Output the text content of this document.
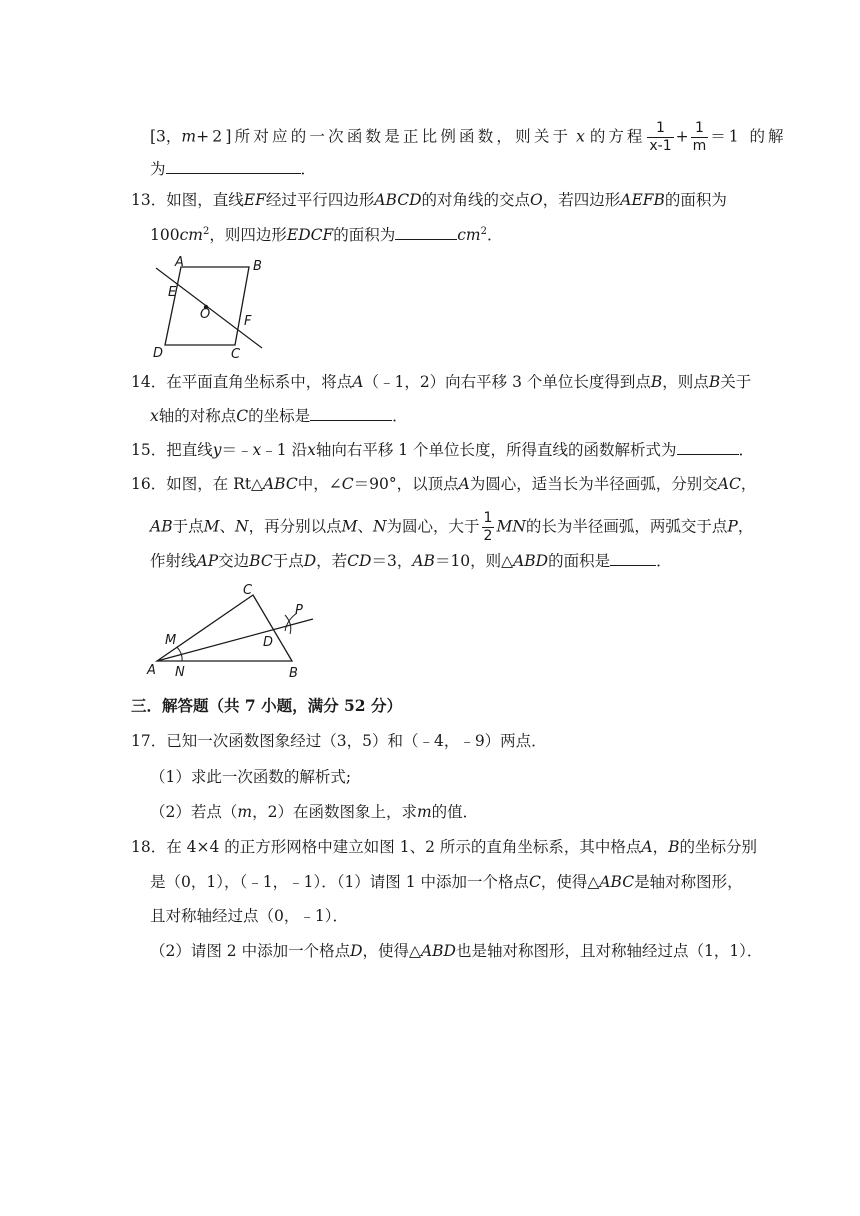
[3，m+2]所对应的一次函数是正比例函数，则关于 x 的方程 $\frac{1}{x-1} + \frac{1}{m} =1$ 的解
为	．
13．如图，直线EF经过平行四边形ABCD的对角线的交点O，若四边形AEFB的面积为
$100cm^2$，则四边形EDCF的面积为	$cm^2$．
A	B
E
O	F
D	C
14．在平面直角坐标系中，将点A（﹣1，2）向右平移 3 个单位长度得到点B，则点B关于
x轴的对称点C的坐标是	．
15．把直线y＝﹣x﹣1 沿x轴向右平移 1 个单位长度，所得直线的函数解析式为	．
16．如图，在 Rt△ABC中，∠C＝90°，以顶点A为圆心，适当长为半径画弧，分别交AC，
AB于点M、N，再分别以点M、N为圆心，大于 $\frac{1}{2}$ MN的长为半径画弧，两弧交于点P，
作射线AP交边BC于点D，若CD＝3，AB＝10，则△ABD的面积是	．
C
M	D
P
A N	B
三．解答题（共 7 小题，满分 52 分）
17．已知一次函数图象经过（3，5）和（﹣4，﹣9）两点．
（1）求此一次函数的解析式;
（2）若点（m，2）在函数图象上，求m的值．
18．在 4×4 的正方形网格中建立如图 1、2 所示的直角坐标系，其中格点A，B的坐标分别
是（0，1），（﹣1，﹣1）．（1）请图 1 中添加一个格点C，使得△ABC是轴对称图形，
且对称轴经过点（0，﹣1）．
（2）请图 2 中添加一个格点D，使得△ABD也是轴对称图形，且对称轴经过点（1，1）．
